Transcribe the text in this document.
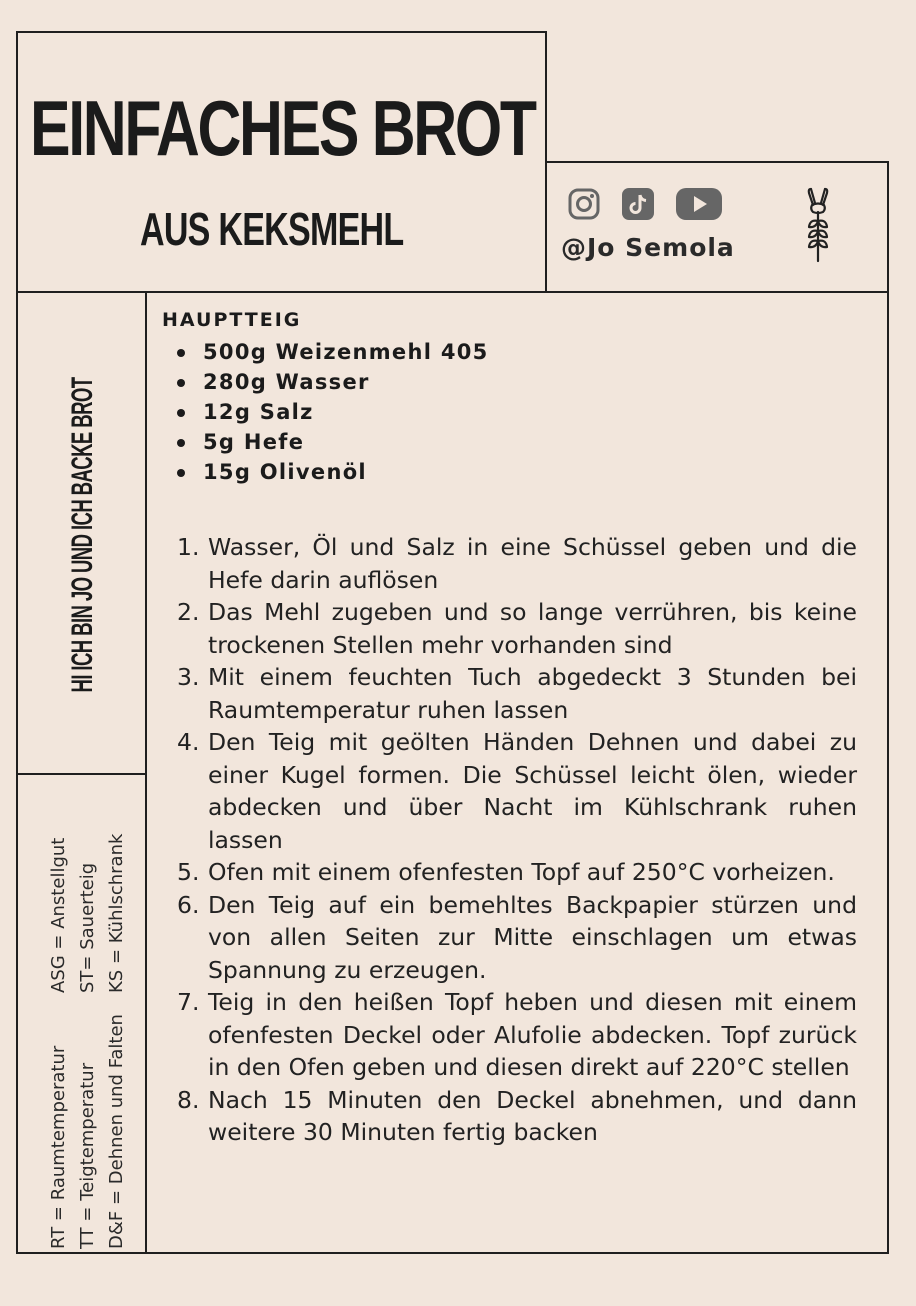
EINFACHES BROT
AUS KEKSMEHL	@Jo Semola
HI ICH BIN JO UND ICH BACKE BROT
ASG = Anstellgut ST= Sauerteig KS = Kühlschrank
RT = Raumtemperatur TT = Teigtemperatur D&F = Dehnen und Falten
HAUPTTEIG
500g Weizenmehl 405
280g Wasser
12g Salz
5g Hefe
15g Olivenöl
1. Wasser, Öl und Salz in eine Schüssel geben und die Hefe darin auflösen
2. Das Mehl zugeben und so lange verrühren, bis keine trockenen Stellen mehr vorhanden sind
3. Mit einem feuchten Tuch abgedeckt 3 Stunden bei Raumtemperatur ruhen lassen
4. Den Teig mit geölten Händen Dehnen und dabei zu einer Kugel formen. Die Schüssel leicht ölen, wieder abdecken und über Nacht im Kühlschrank ruhen lassen
5. Ofen mit einem ofenfesten Topf auf 250°C vorheizen.
6. Den Teig auf ein bemehltes Backpapier stürzen und von allen Seiten zur Mitte einschlagen um etwas Spannung zu erzeugen.
7. Teig in den heißen Topf heben und diesen mit einem ofenfesten Deckel oder Alufolie abdecken. Topf zurück in den Ofen geben und diesen direkt auf 220°C stellen
8. Nach 15 Minuten den Deckel abnehmen, und dann weitere 30 Minuten fertig backen
